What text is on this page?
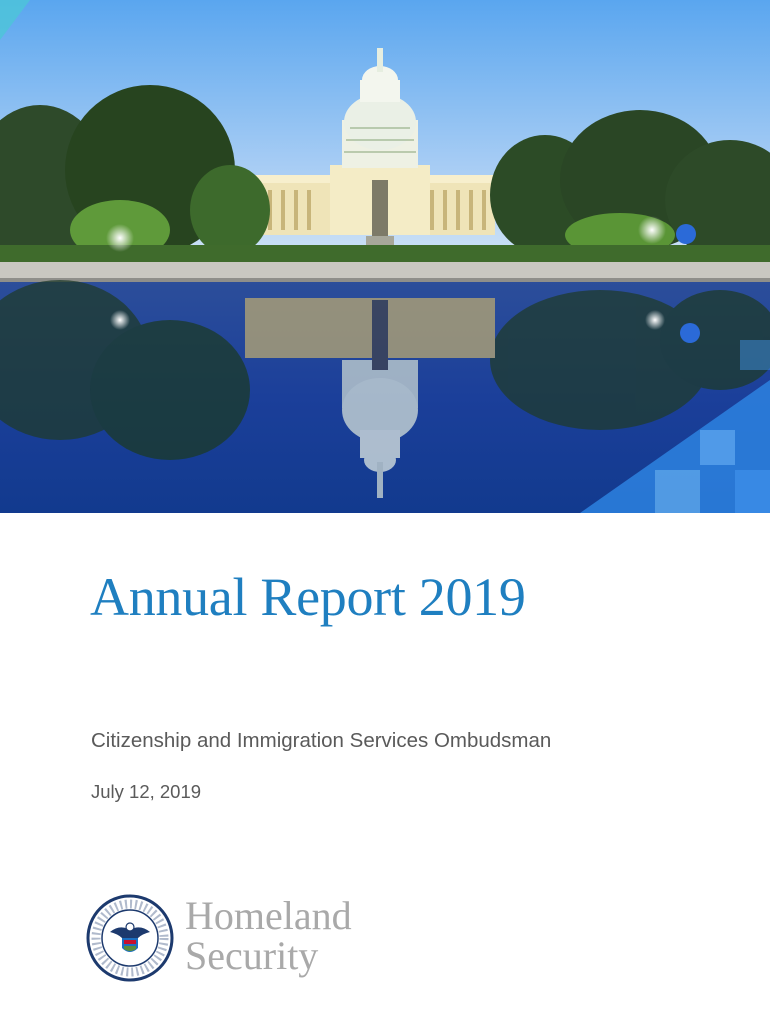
Annual Report 2019
Citizenship and Immigration Services Ombudsman
July 12, 2019
Homeland
Security
